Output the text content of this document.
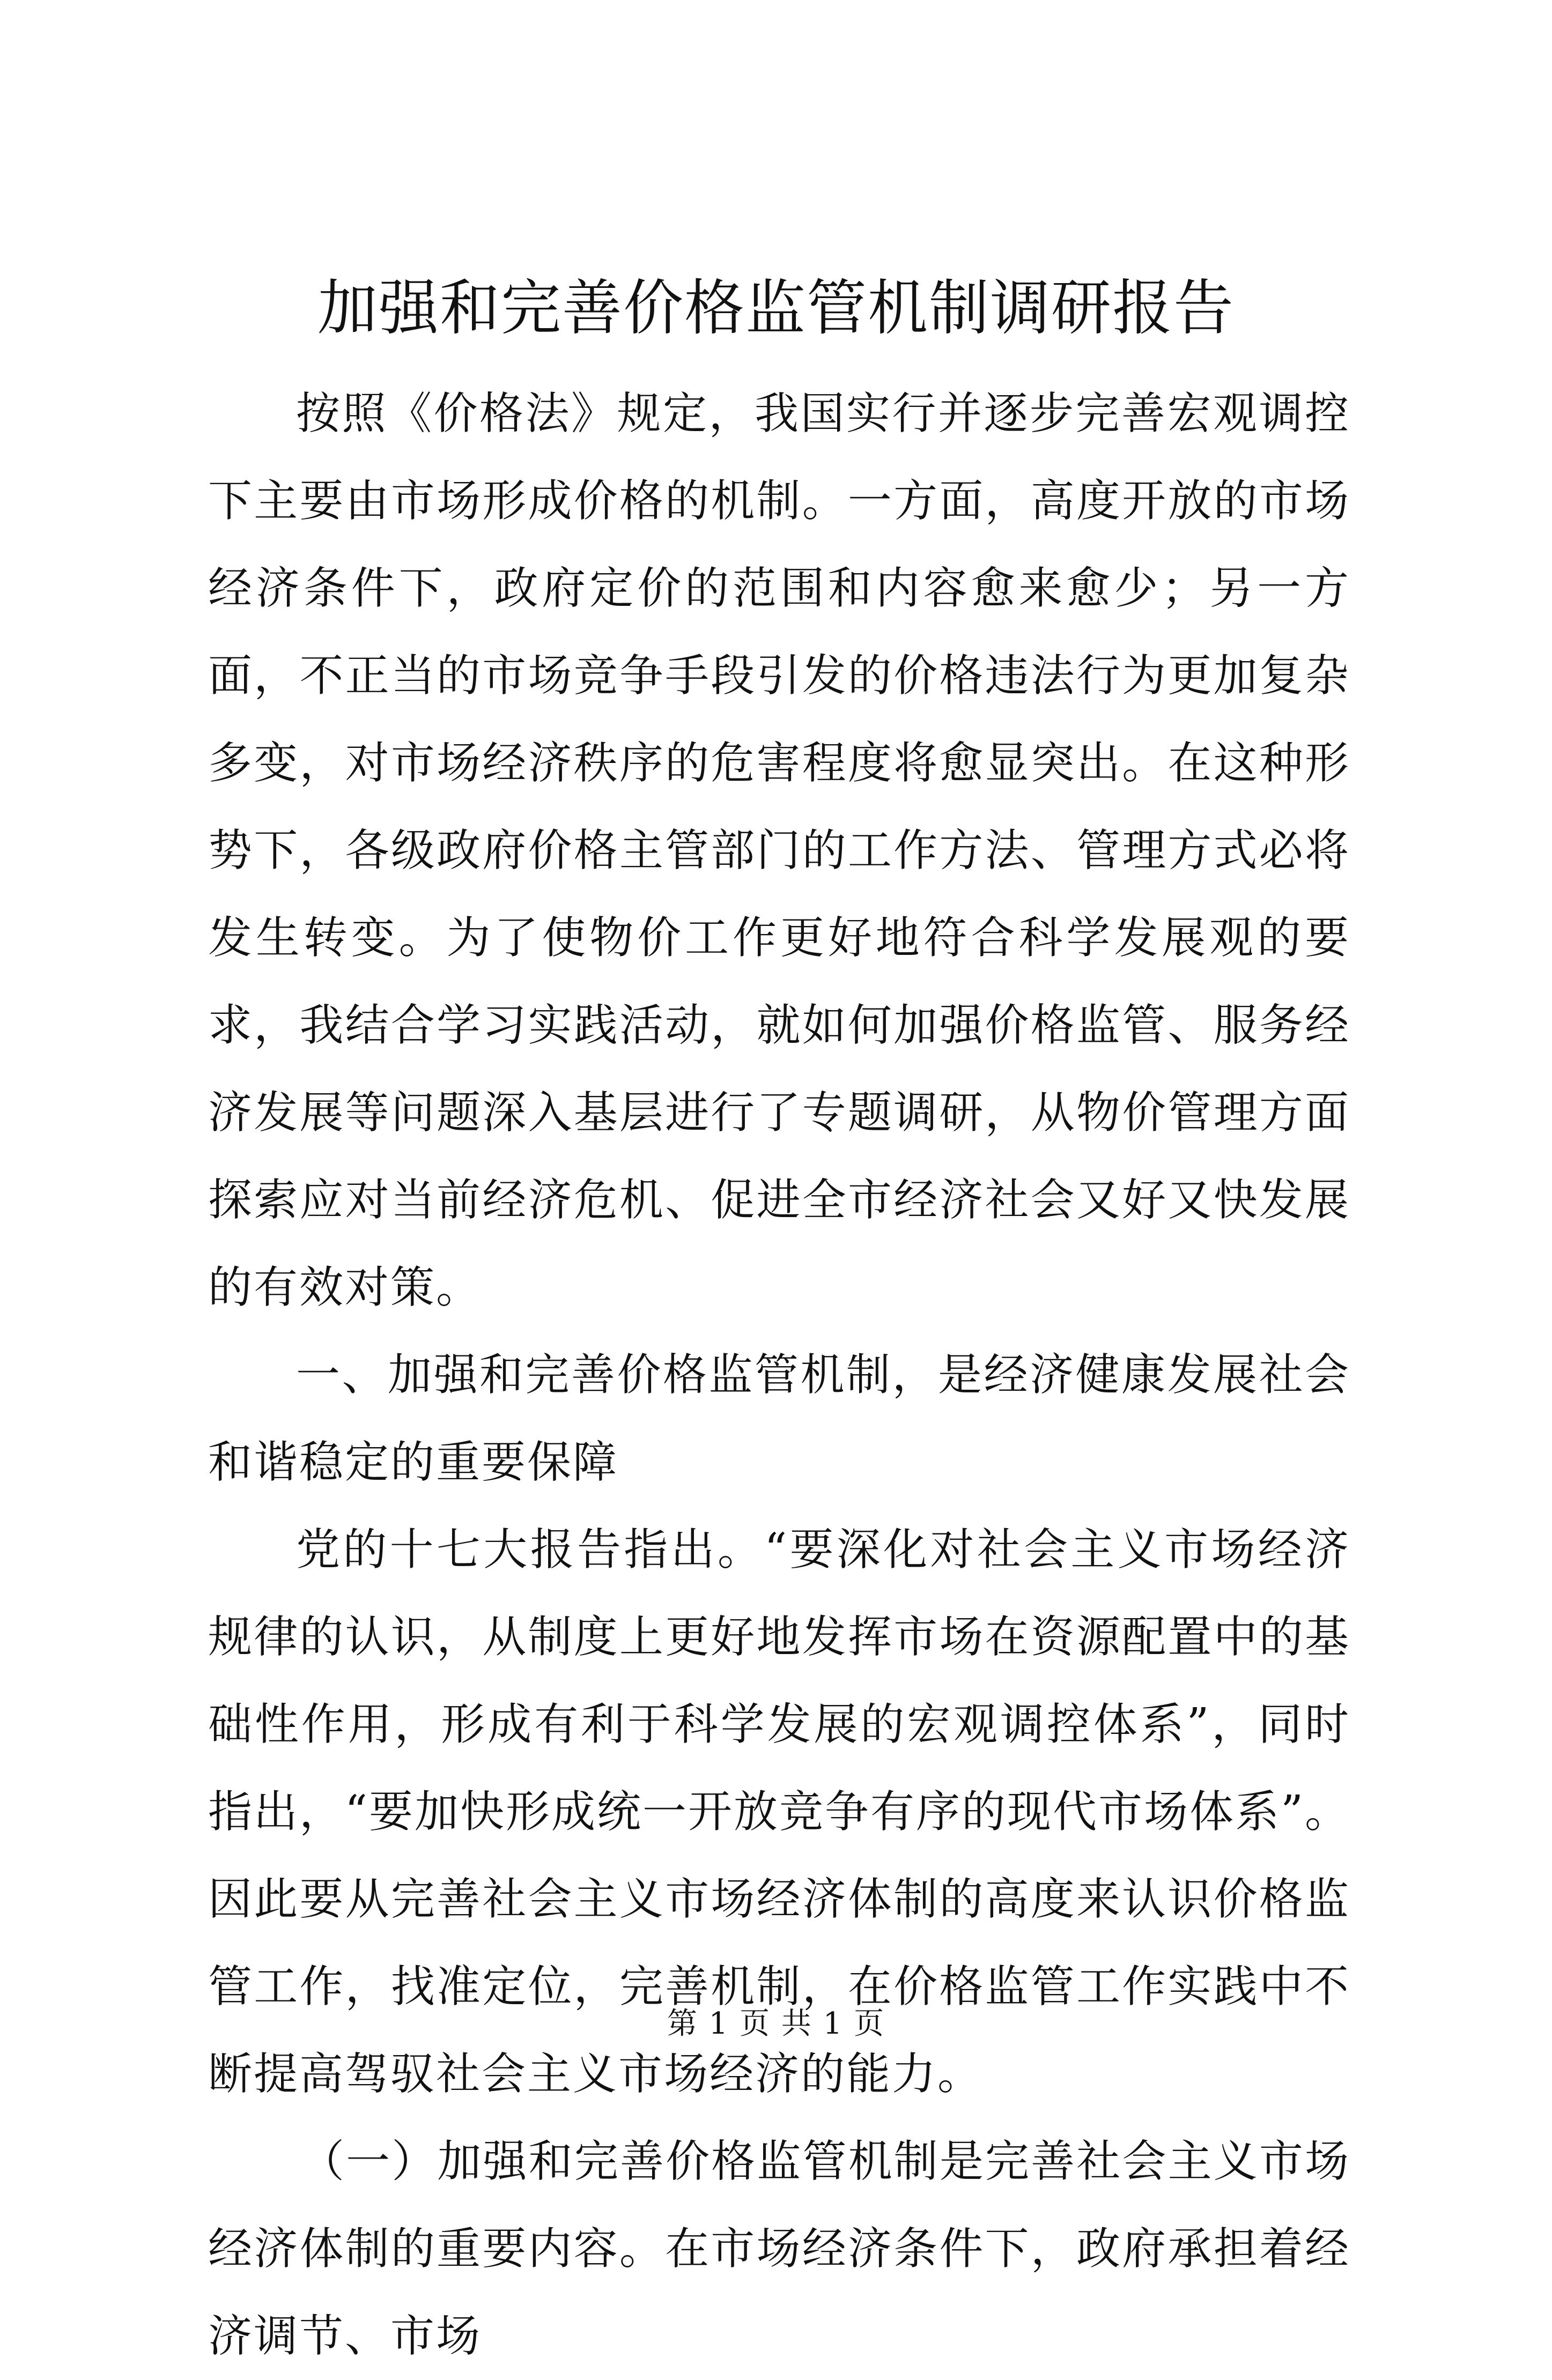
加强和完善价格监管机制调研报告

按照《价格法》规定，我国实行并逐步完善宏观调控下主要由市场形成价格的机制。一方面，高度开放的市场经济条件下，政府定价的范围和内容愈来愈少；另一方面，不正当的市场竞争手段引发的价格违法行为更加复杂多变，对市场经济秩序的危害程度将愈显突出。在这种形势下，各级政府价格主管部门的工作方法、管理方式必将发生转变。为了使物价工作更好地符合科学发展观的要求，我结合学习实践活动，就如何加强价格监管、服务经济发展等问题深入基层进行了专题调研，从物价管理方面探索应对当前经济危机、促进全市经济社会又好又快发展的有效对策。

一、加强和完善价格监管机制，是经济健康发展社会和谐稳定的重要保障

党的十七大报告指出。“要深化对社会主义市场经济规律的认识，从制度上更好地发挥市场在资源配置中的基础性作用，形成有利于科学发展的宏观调控体系”，同时指出，“要加快形成统一开放竞争有序的现代市场体系”。因此要从完善社会主义市场经济体制的高度来认识价格监管工作，找准定位，完善机制，在价格监管工作实践中不断提高驾驭社会主义市场经济的能力。

（一）加强和完善价格监管机制是完善社会主义市场经济体制的重要内容。在市场经济条件下，政府承担着经济调节、市场

第 1 页 共 1 页
